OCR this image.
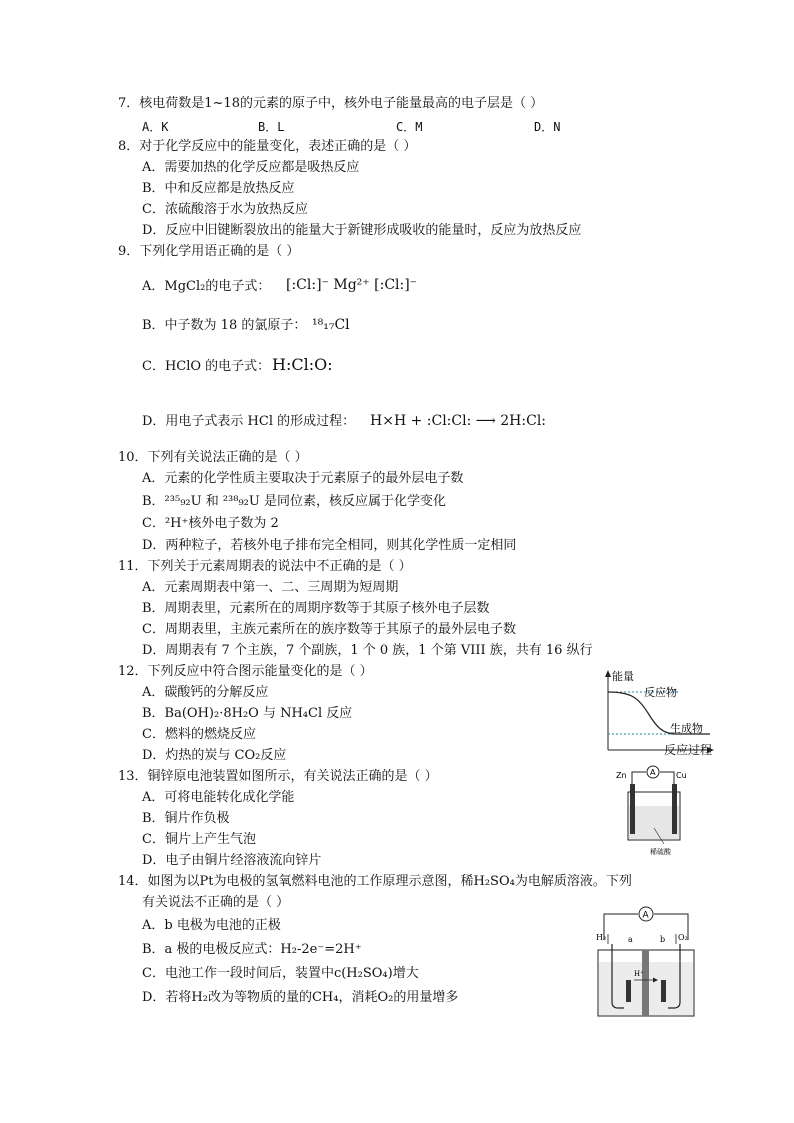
7．核电荷数是1~18的元素的原子中，核外电子能量最高的电子层是（ ）
A．K	B．L	C．M	D．N
8．对于化学反应中的能量变化，表述正确的是（ ）
A．需要加热的化学反应都是吸热反应
B．中和反应都是放热反应
C．浓硫酸溶于水为放热反应
D．反应中旧键断裂放出的能量大于新键形成吸收的能量时，反应为放热反应
9．下列化学用语正确的是（ ）
A．MgCl₂的电子式： [:Cl:]⁻ Mg²⁺ [:Cl:]⁻
B．中子数为 18 的氯原子： ¹⁸₁₇Cl
C．HClO 的电子式： H:Cl:O:
D．用电子式表示 HCl 的形成过程： H×H + :Cl:Cl: ⟶ 2H:Cl:
10．下列有关说法正确的是（ ）
A．元素的化学性质主要取决于元素原子的最外层电子数
B．²³⁵₉₂U 和 ²³⁸₉₂U 是同位素，核反应属于化学变化
C．²H⁺核外电子数为 2
D．两种粒子，若核外电子排布完全相同，则其化学性质一定相同
11．下列关于元素周期表的说法中不正确的是（ ）
A．元素周期表中第一、二、三周期为短周期
B．周期表里，元素所在的周期序数等于其原子核外电子层数
C．周期表里，主族元素所在的族序数等于其原子的最外层电子数
D．周期表有 7 个主族，7 个副族，1 个 0 族，1 个第 VIII 族，共有 16 纵行
12．下列反应中符合图示能量变化的是（ ）
A．碳酸钙的分解反应
B．Ba(OH)₂·8H₂O 与 NH₄Cl 反应
C．燃料的燃烧反应
D．灼热的炭与 CO₂反应
能量
反应物
生成物
反应过程
13．铜锌原电池装置如图所示，有关说法正确的是（ ）
A．可将电能转化成化学能
B．铜片作负极
C．铜片上产生气泡
D．电子由铜片经溶液流向锌片
A
Zn	Cu
稀硫酸
14．如图为以Pt为电极的氢氧燃料电池的工作原理示意图，稀H₂SO₄为电解质溶液。下列
有关说法不正确的是（ ）
A．b 电极为电池的正极
B．a 极的电极反应式：H₂-2e⁻=2H⁺
C．电池工作一段时间后，装置中c(H₂SO₄)增大
D．若将H₂改为等物质的量的CH₄，消耗O₂的用量增多
A
H₂	O₂
a	b
H⁺
